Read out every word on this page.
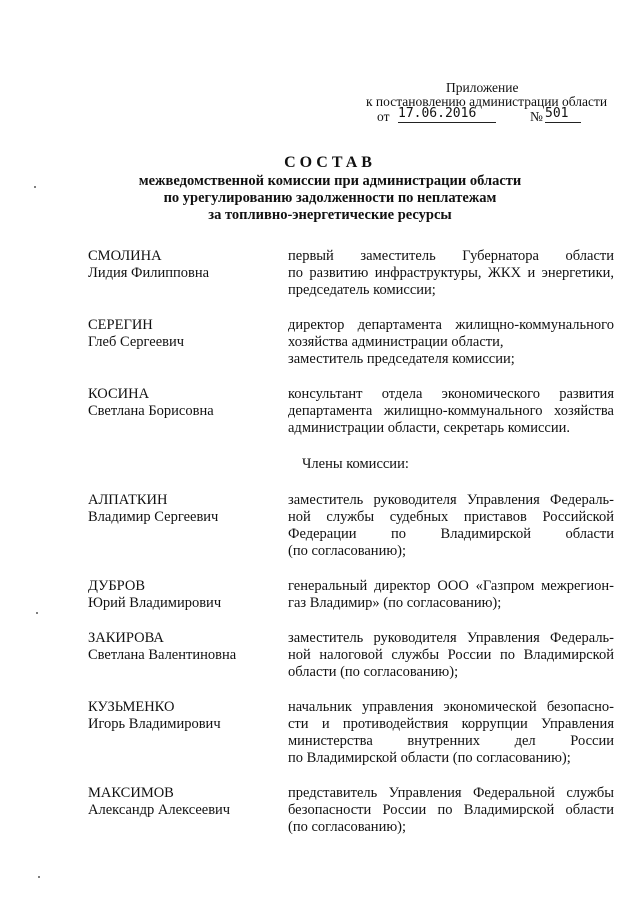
Приложение
к постановлению администрации области
от 17.06.2016	№ 501
СОСТАВ
межведомственной комиссии при администрации области
по урегулированию задолженности по неплатежам
за топливно-энергетические ресурсы
СМОЛИНА
Лидия Филипповна
первый заместитель Губернатора области
по развитию инфраструктуры, ЖКХ и энергетики,
председатель комиссии;
СЕРЕГИН
Глеб Сергеевич
директор департамента жилищно-коммунального
хозяйства администрации области,
заместитель председателя комиссии;
КОСИНА
Светлана Борисовна
консультант отдела экономического развития
департамента жилищно-коммунального хозяйства
администрации области, секретарь комиссии.
Члены комиссии:
АЛПАТКИН
Владимир Сергеевич
заместитель руководителя Управления Федераль-
ной службы судебных приставов Российской
Федерации по Владимирской области
(по согласованию);
ДУБРОВ
Юрий Владимирович
генеральный директор ООО «Газпром межрегион-
газ Владимир» (по согласованию);
ЗАКИРОВА
Светлана Валентиновна
заместитель руководителя Управления Федераль-
ной налоговой службы России по Владимирской
области (по согласованию);
КУЗЬМЕНКО
Игорь Владимирович
начальник управления экономической безопасно-
сти и противодействия коррупции Управления
министерства внутренних дел России
по Владимирской области (по согласованию);
МАКСИМОВ
Александр Алексеевич
представитель Управления Федеральной службы
безопасности России по Владимирской области
(по согласованию);
